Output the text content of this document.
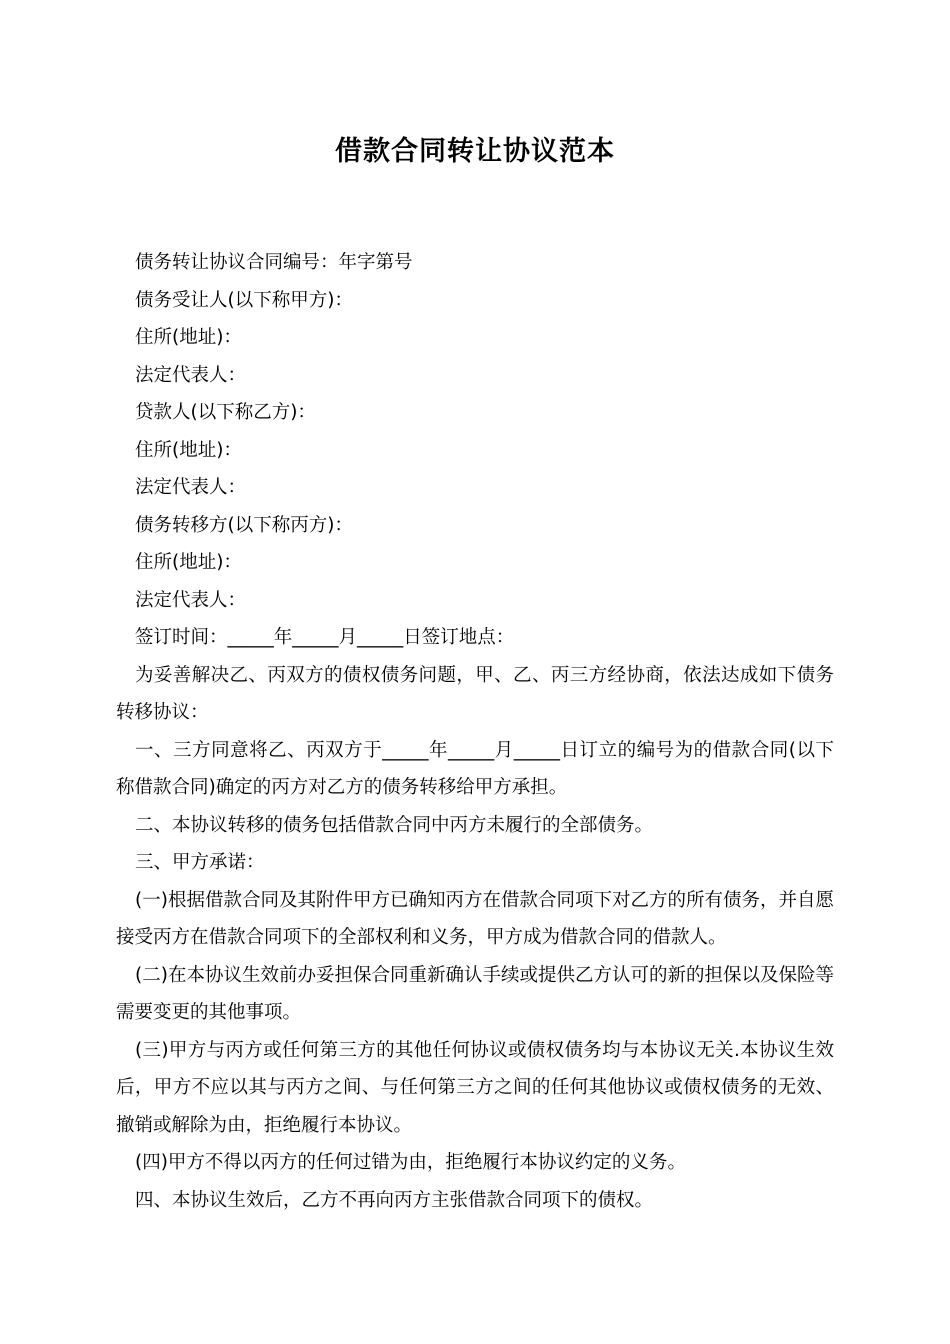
借款合同转让协议范本

债务转让协议合同编号：年字第号

债务受让人(以下称甲方)：

住所(地址)：

法定代表人：

贷款人(以下称乙方)：

住所(地址)：

法定代表人：

债务转移方(以下称丙方)：

住所(地址)：

法定代表人：

签订时间：_____年_____月_____日签订地点：

为妥善解决乙、丙双方的债权债务问题，甲、乙、丙三方经协商，依法达成如下债务转移协议：

一、三方同意将乙、丙双方于_____年_____月_____日订立的编号为的借款合同(以下称借款合同)确定的丙方对乙方的债务转移给甲方承担。

二、本协议转移的债务包括借款合同中丙方未履行的全部债务。

三、甲方承诺：

(一)根据借款合同及其附件甲方已确知丙方在借款合同项下对乙方的所有债务，并自愿接受丙方在借款合同项下的全部权利和义务，甲方成为借款合同的借款人。

(二)在本协议生效前办妥担保合同重新确认手续或提供乙方认可的新的担保以及保险等需要变更的其他事项。

(三)甲方与丙方或任何第三方的其他任何协议或债权债务均与本协议无关.本协议生效后，甲方不应以其与丙方之间、与任何第三方之间的任何其他协议或债权债务的无效、撤销或解除为由，拒绝履行本协议。

(四)甲方不得以丙方的任何过错为由，拒绝履行本协议约定的义务。

四、本协议生效后，乙方不再向丙方主张借款合同项下的债权。
